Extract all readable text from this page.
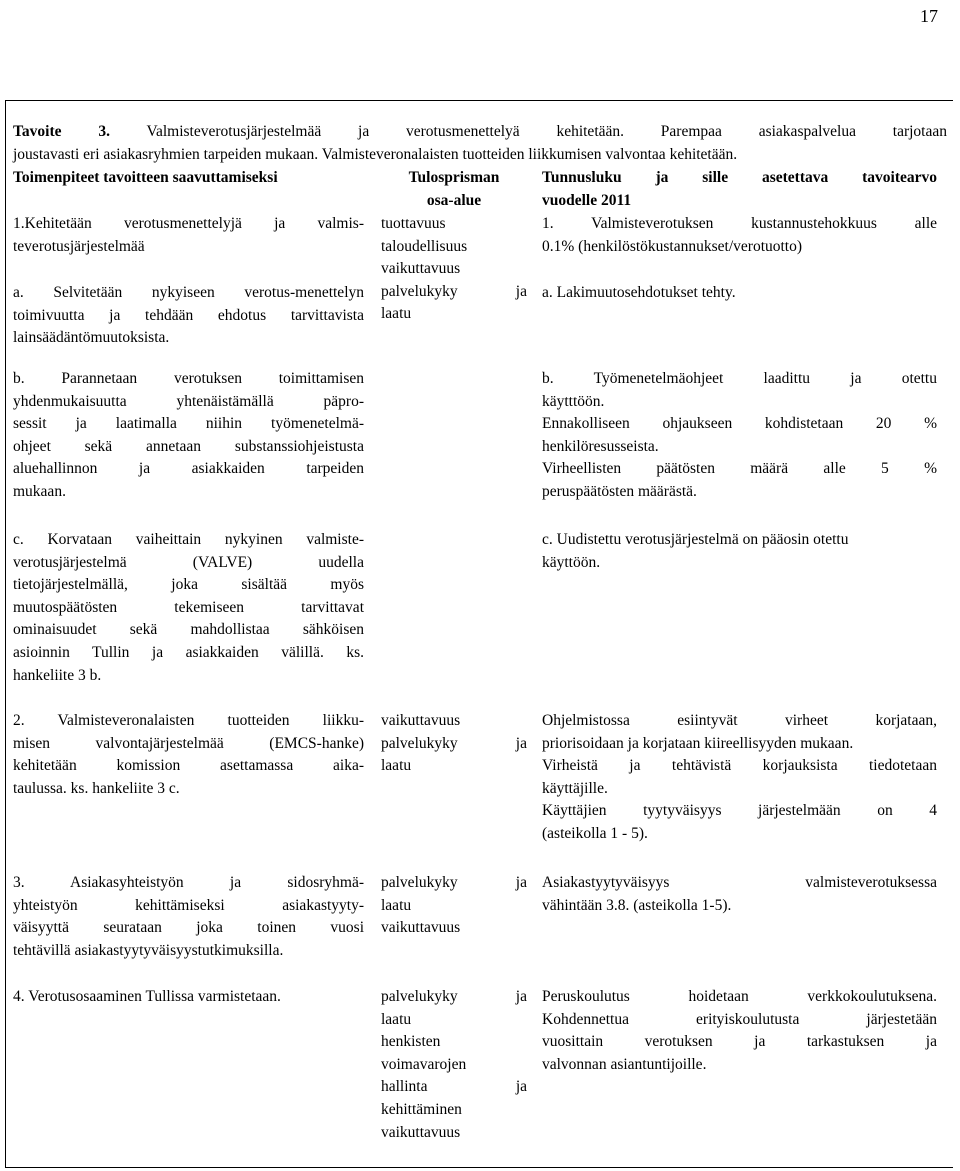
17

Tavoite 3. Valmisteverotusjärjestelmää ja verotusmenettelyä kehitetään. Parempaa asiakaspalvelua tarjotaan

joustavasti eri asiakasryhmien tarpeiden mukaan. Valmisteveronalaisten tuotteiden liikkumisen valvontaa kehitetään.

Toimenpiteet tavoitteen saavuttamiseksi	Tulosprisman

osa-alue

Tunnusluku ja sille asetettava tavoitearvo

vuodelle 2011

1.Kehitetään verotusmenettelyjä ja valmis-

teverotusjärjestelmää

tuottavuus

taloudellisuus

vaikuttavuus

palvelukyky ja

laatu

1. Valmisteverotuksen kustannustehokkuus alle

0.1% (henkilöstökustannukset/verotuotto)

a. Selvitetään nykyiseen verotus-menettelyn

toimivuutta ja tehdään ehdotus tarvittavista

lainsäädäntömuutoksista.

a. Lakimuutosehdotukset tehty.

b. Parannetaan verotuksen toimittamisen

yhdenmukaisuutta yhtenäistämällä päpro-

sessit ja laatimalla niihin työmenetelmä-

ohjeet sekä annetaan substanssiohjeistusta

aluehallinnon ja asiakkaiden tarpeiden

mukaan.

b. Työmenetelmäohjeet laadittu ja otettu

käytttöön.

Ennakolliseen ohjaukseen kohdistetaan 20 %

henkilöresusseista.

Virheellisten päätösten määrä alle 5 %

peruspäätösten määrästä.

c. Korvataan vaiheittain nykyinen valmiste-

verotusjärjestelmä (VALVE) uudella

tietojärjestelmällä, joka sisältää myös

muutospäätösten tekemiseen tarvittavat

ominaisuudet sekä mahdollistaa sähköisen

asioinnin Tullin ja asiakkaiden välillä. ks.

hankeliite 3 b.

c. Uudistettu verotusjärjestelmä on pääosin otettu

käyttöön.

2. Valmisteveronalaisten tuotteiden liikku-

misen valvontajärjestelmää (EMCS-hanke)

kehitetään komission asettamassa aika-

taulussa. ks. hankeliite 3 c.

vaikuttavuus

palvelukyky ja

laatu

Ohjelmistossa esiintyvät virheet korjataan,

priorisoidaan ja korjataan kiireellisyyden mukaan.

Virheistä ja tehtävistä korjauksista tiedotetaan

käyttäjille.

Käyttäjien tyytyväisyys järjestelmään on 4

(asteikolla 1 - 5).

3. Asiakasyhteistyön ja sidosryhmä-

yhteistyön kehittämiseksi asiakastyyty-

väisyyttä seurataan joka toinen vuosi

tehtävillä asiakastyytyväisyystutkimuksilla.

palvelukyky ja

laatu

vaikuttavuus

Asiakastyytyväisyys valmisteverotuksessa

vähintään 3.8. (asteikolla 1-5).

4. Verotusosaaminen Tullissa varmistetaan.	palvelukyky ja

laatu

henkisten

voimavarojen

hallinta ja

kehittäminen

vaikuttavuus

Peruskoulutus hoidetaan verkkokoulutuksena.

Kohdennettua erityiskoulutusta järjestetään

vuosittain verotuksen ja tarkastuksen ja

valvonnan asiantuntijoille.
